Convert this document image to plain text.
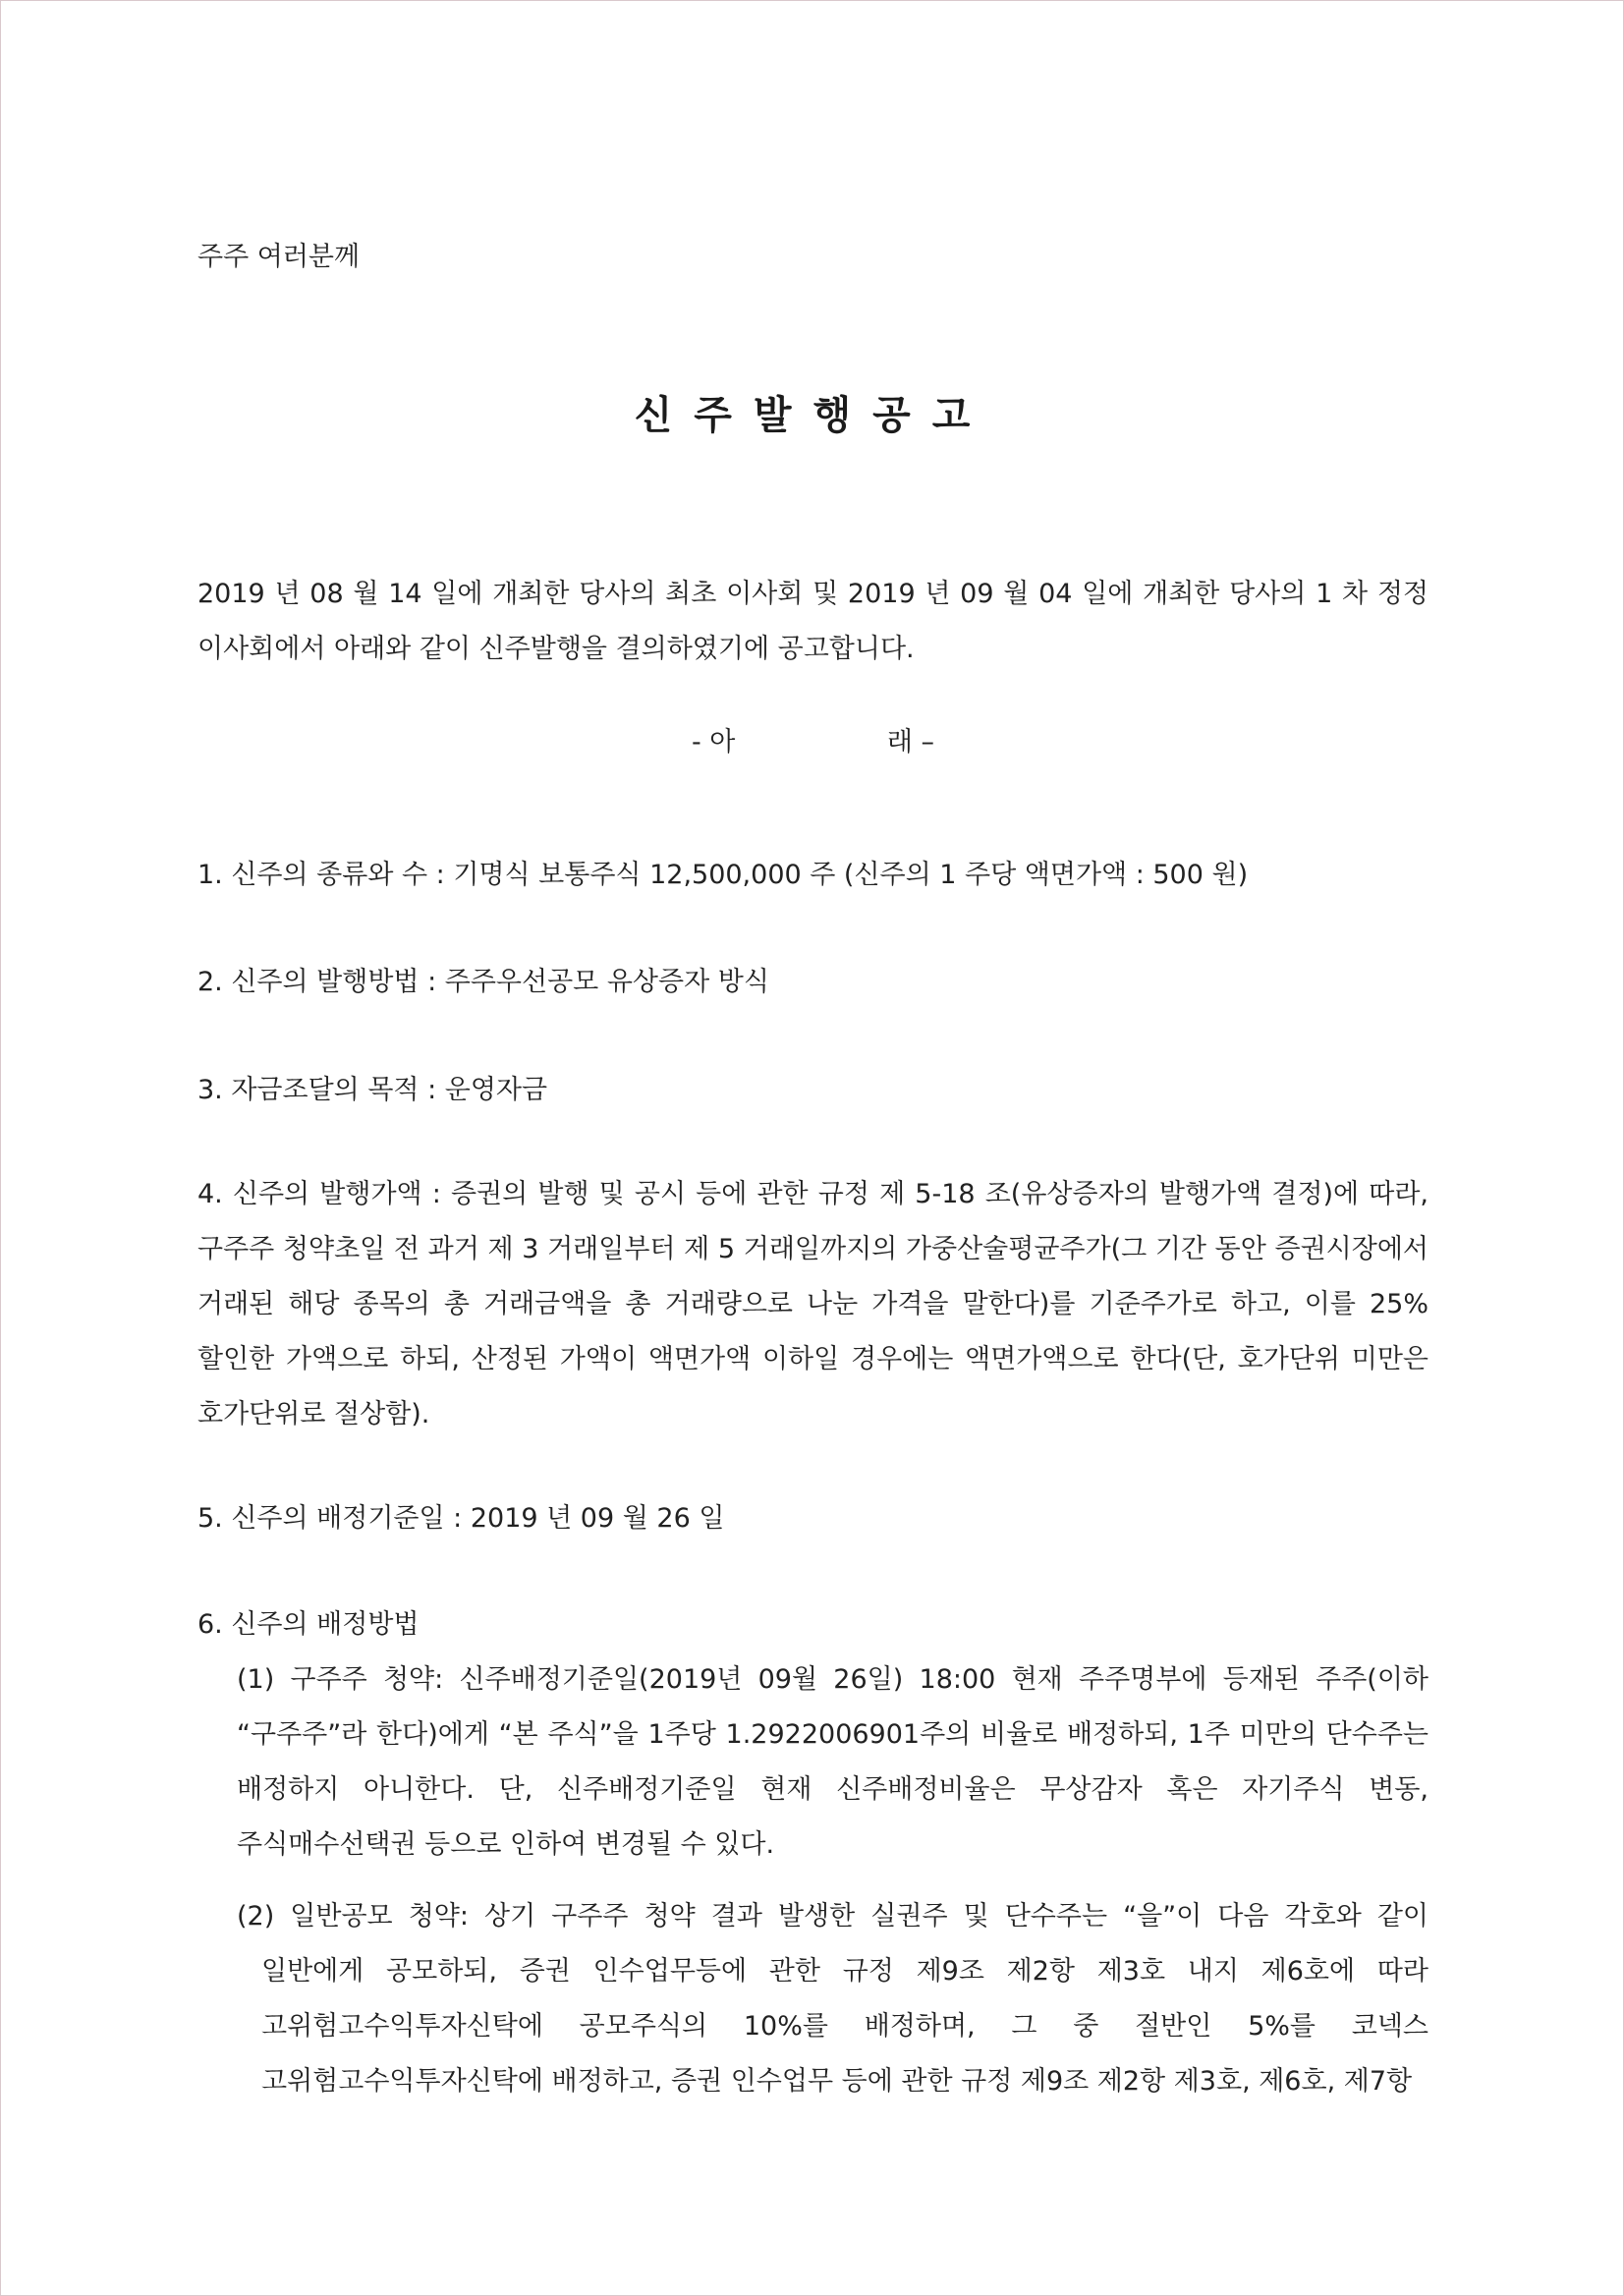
주주 여러분께
신주발행공고
2019 년 08 월 14 일에 개최한 당사의 최초 이사회 및 2019 년 09 월 04 일에 개최한 당사의 1 차 정정 이사회에서 아래와 같이 신주발행을 결의하였기에 공고합니다.
- 아                  래 –
1. 신주의 종류와 수 : 기명식 보통주식 12,500,000 주 (신주의 1 주당 액면가액 : 500 원)
2. 신주의 발행방법 : 주주우선공모 유상증자 방식
3. 자금조달의 목적 : 운영자금
4. 신주의 발행가액 : 증권의 발행 및 공시 등에 관한 규정 제 5-18 조(유상증자의 발행가액 결정)에 따라, 구주주 청약초일 전 과거 제 3 거래일부터 제 5 거래일까지의 가중산술평균주가(그 기간 동안 증권시장에서 거래된 해당 종목의 총 거래금액을 총 거래량으로 나눈 가격을 말한다)를 기준주가로 하고, 이를 25% 할인한 가액으로 하되, 산정된 가액이 액면가액 이하일 경우에는 액면가액으로 한다(단, 호가단위 미만은 호가단위로 절상함).
5. 신주의 배정기준일 : 2019 년 09 월 26 일
6. 신주의 배정방법
(1) 구주주 청약: 신주배정기준일(2019년 09월 26일) 18:00 현재 주주명부에 등재된 주주(이하 “구주주”라 한다)에게 “본 주식”을 1주당 1.2922006901주의 비율로 배정하되, 1주 미만의 단수주는 배정하지 아니한다. 단, 신주배정기준일 현재 신주배정비율은 무상감자 혹은 자기주식 변동, 주식매수선택권 등으로 인하여 변경될 수 있다.
(2) 일반공모 청약: 상기 구주주 청약 결과 발생한 실권주 및 단수주는 “을”이 다음 각호와 같이 일반에게 공모하되, 증권 인수업무등에 관한 규정 제9조 제2항 제3호 내지 제6호에 따라 고위험고수익투자신탁에 공모주식의 10%를 배정하며, 그 중 절반인 5%를 코넥스 고위험고수익투자신탁에 배정하고, 증권 인수업무 등에 관한 규정 제9조 제2항 제3호, 제6호, 제7항
